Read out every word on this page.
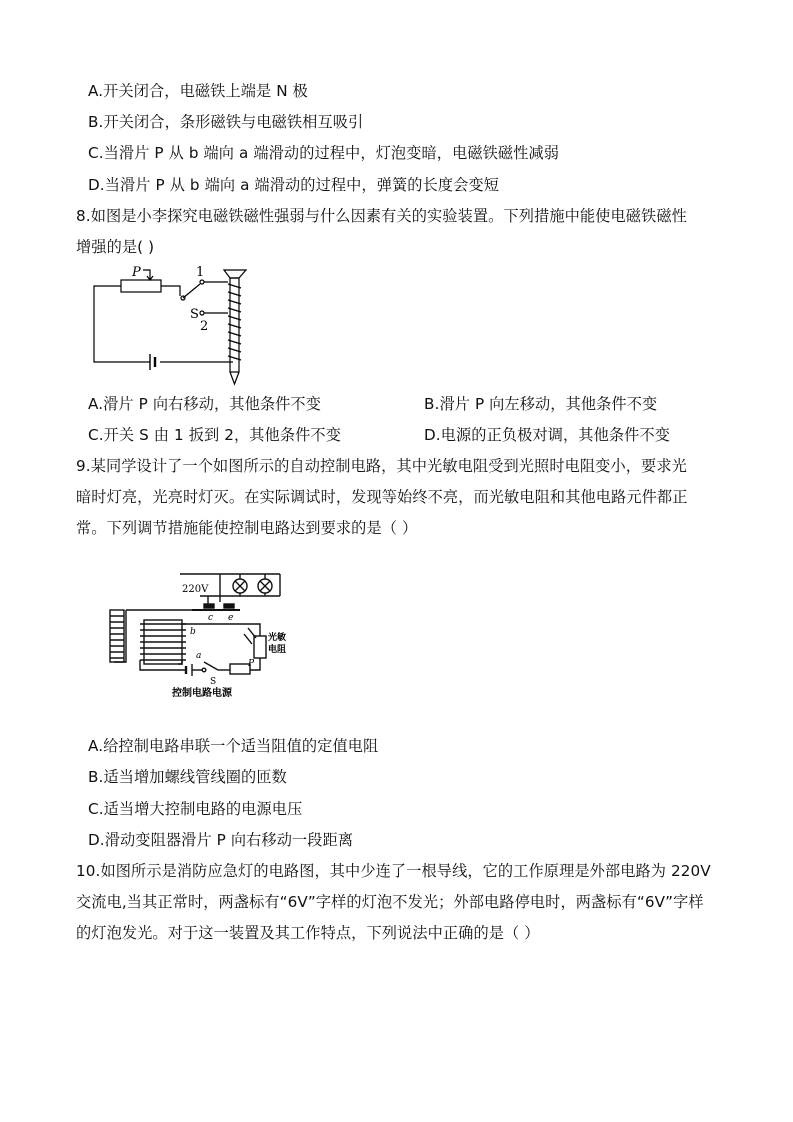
A.开关闭合，电磁铁上端是 N 极
B.开关闭合，条形磁铁与电磁铁相互吸引
C.当滑片 P 从 b 端向 a 端滑动的过程中，灯泡变暗，电磁铁磁性减弱
D.当滑片 P 从 b 端向 a 端滑动的过程中，弹簧的长度会变短
8.如图是小李探究电磁铁磁性强弱与什么因素有关的实验装置。下列措施中能使电磁铁磁性
增强的是( )
P	1
S
2
A.滑片 P 向右移动，其他条件不变	B.滑片 P 向左移动，其他条件不变
C.开关 S 由 1 扳到 2，其他条件不变	D.电源的正负极对调，其他条件不变
9.某同学设计了一个如图所示的自动控制电路，其中光敏电阻受到光照时电阻变小，要求光
暗时灯亮，光亮时灯灭。在实际调试时，发现等始终不亮，而光敏电阻和其他电路元件都正
常。下列调节措施能使控制电路达到要求的是（ ）
220V
c e
b
a
P
S
光敏
电阻
控制电路电源
A.给控制电路串联一个适当阻值的定值电阻
B.适当增加螺线管线圈的匝数
C.适当增大控制电路的电源电压
D.滑动变阻器滑片 P 向右移动一段距离
10.如图所示是消防应急灯的电路图，其中少连了一根导线，它的工作原理是外部电路为 220V
交流电,当其正常时，两盏标有“6V”字样的灯泡不发光；外部电路停电时，两盏标有“6V”字样
的灯泡发光。对于这一装置及其工作特点，下列说法中正确的是（ ）
